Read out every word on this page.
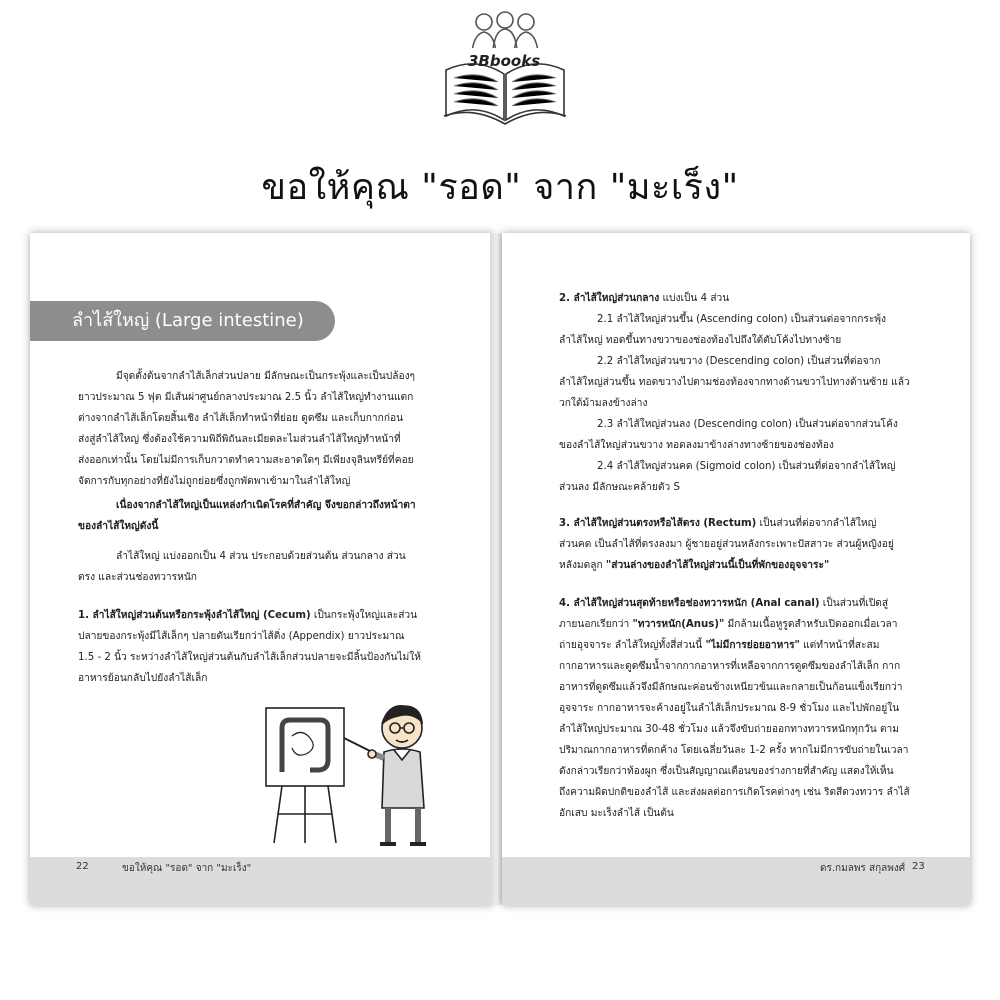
3Bbooks
ขอให้คุณ "รอด" จาก "มะเร็ง"
ลำไส้ใหญ่ (Large intestine)

มีจุดตั้งต้นจากลำไส้เล็กส่วนปลาย มีลักษณะเป็นกระพุ้งและเป็นปล้องๆ

ยาวประมาณ 5 ฟุต มีเส้นผ่าศูนย์กลางประมาณ 2.5 นิ้ว ลำไส้ใหญ่ทำงานแตก

ต่างจากลำไส้เล็กโดยสิ้นเชิง ลำไส้เล็กทำหน้าที่ย่อย ดูดซึม และเก็บกากก่อน

ส่งสู่ลำไส้ใหญ่ ซึ่งต้องใช้ความพิถีพิถันละเมียดละไมส่วนลำไส้ใหญ่ทำหน้าที่

ส่งออกเท่านั้น โดยไม่มีการเก็บกวาดทำความสะอาดใดๆ มีเพียงจุลินทรีย์ที่คอย

จัดการกับทุกอย่างที่ยังไม่ถูกย่อยซึ่งถูกพัดพาเข้ามาในลำไส้ใหญ่

เนื่องจากลำไส้ใหญ่เป็นแหล่งกำเนิดโรคที่สำคัญ จึงขอกล่าวถึงหน้าตา

ของลำไส้ใหญ่ดังนี้

ลำไส้ใหญ่ แบ่งออกเป็น 4 ส่วน ประกอบด้วยส่วนต้น ส่วนกลาง ส่วน

ตรง และส่วนช่องทวารหนัก

1. ลำไส้ใหญ่ส่วนต้นหรือกระพุ้งลำไส้ใหญ่ (Cecum) เป็นกระพุ้งใหญ่และส่วน

ปลายของกระพุ้งมีไส้เล็กๆ ปลายตันเรียกว่าไส้ติ่ง (Appendix) ยาวประมาณ

1.5 - 2 นิ้ว ระหว่างลำไส้ใหญ่ส่วนต้นกับลำไส้เล็กส่วนปลายจะมีลิ้นป้องกันไม่ให้

อาหารย้อนกลับไปยังลำไส้เล็ก

22	ขอให้คุณ "รอด" จาก "มะเร็ง"

2. ลำไส้ใหญ่ส่วนกลาง แบ่งเป็น 4 ส่วน

2.1 ลำไส้ใหญ่ส่วนขึ้น (Ascending colon) เป็นส่วนต่อจากกระพุ้ง

ลำไส้ใหญ่ ทอดขึ้นทางขวาของช่องท้องไปถึงใต้ตับโค้งไปทางซ้าย

2.2 ลำไส้ใหญ่ส่วนขวาง (Descending colon) เป็นส่วนที่ต่อจาก

ลำไส้ใหญ่ส่วนขึ้น ทอดขวางไปตามช่องท้องจากทางด้านขวาไปทางด้านซ้าย แล้ว

วกใต้ม้ามลงข้างล่าง

2.3 ลำไส้ใหญ่ส่วนลง (Descending colon) เป็นส่วนต่อจากส่วนโค้ง

ของลำไส้ใหญ่ส่วนขวาง ทอดลงมาข้างล่างทางซ้ายของช่องท้อง

2.4 ลำไส้ใหญ่ส่วนคด (Sigmoid colon) เป็นส่วนที่ต่อจากลำไส้ใหญ่

ส่วนลง มีลักษณะคล้ายตัว S

3. ลำไส้ใหญ่ส่วนตรงหรือไส้ตรง (Rectum) เป็นส่วนที่ต่อจากลำไส้ใหญ่

ส่วนคด เป็นลำไส้ที่ตรงลงมา ผู้ชายอยู่ส่วนหลังกระเพาะปัสสาวะ ส่วนผู้หญิงอยู่

หลังมดลูก "ส่วนล่างของลำไส้ใหญ่ส่วนนี้เป็นที่พักของอุจจาระ"

4. ลำไส้ใหญ่ส่วนสุดท้ายหรือช่องทวารหนัก (Anal canal) เป็นส่วนที่เปิดสู่

ภายนอกเรียกว่า "ทวารหนัก(Anus)" มีกล้ามเนื้อหูรูดสำหรับเปิดออกเมื่อเวลา

ถ่ายอุจจาระ ลำไส้ใหญ่ทั้งสี่ส่วนนี้ "ไม่มีการย่อยอาหาร" แต่ทำหน้าที่สะสม

กากอาหารและดูดซึมน้ำจากกากอาหารที่เหลือจากการดูดซึมของลำไส้เล็ก กาก

อาหารที่ดูดซึมแล้วจึงมีลักษณะค่อนข้างเหนียวข้นและกลายเป็นก้อนแข็งเรียกว่า

อุจจาระ กากอาหารจะค้างอยู่ในลำไส้เล็กประมาณ 8-9 ชั่วโมง และไปพักอยู่ใน

ลำไส้ใหญ่ประมาณ 30-48 ชั่วโมง แล้วจึงขับถ่ายออกทางทวารหนักทุกวัน ตาม

ปริมาณกากอาหารที่ตกค้าง โดยเฉลี่ยวันละ 1-2 ครั้ง หากไม่มีการขับถ่ายในเวลา

ดังกล่าวเรียกว่าท้องผูก ซึ่งเป็นสัญญาณเตือนของร่างกายที่สำคัญ แสดงให้เห็น

ถึงความผิดปกติของลำไส้ และส่งผลต่อการเกิดโรคต่างๆ เช่น ริดสีดวงทวาร ลำไส้

อักเสบ มะเร็งลำไส้ เป็นต้น

ดร.กมลพร สกุลพงศ์ 23
